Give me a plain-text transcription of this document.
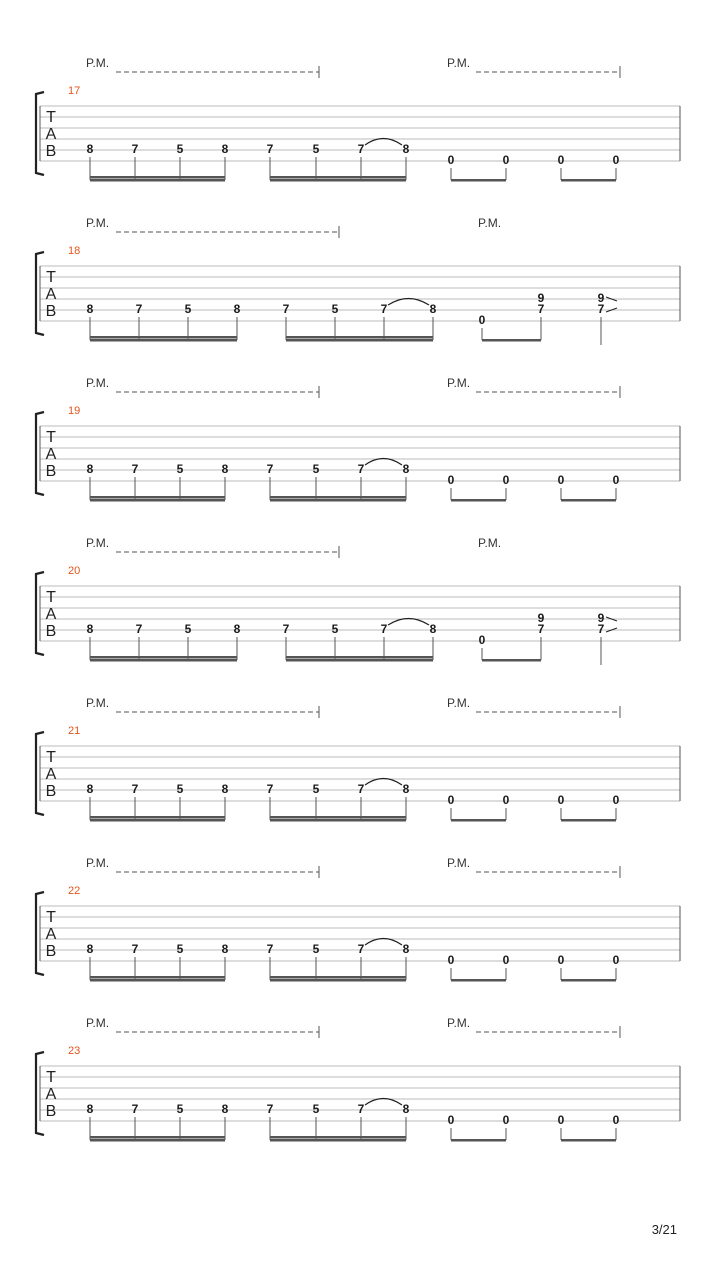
T
A
B
17
P.M.	P.M.
8	7	5	8	7	5	7	8
0	0	0	0
T
A
B
18
P.M.	P.M.
8	7	5	8	7	5	7	8
0
9
7
9
7
T
A
B
19
P.M.	P.M.
8	7	5	8	7	5	7	8
0	0	0	0
T
A
B
20
P.M.	P.M.
8	7	5	8	7	5	7	8
0
9
7
9
7
T
A
B
21
P.M.	P.M.
8	7	5	8	7	5	7	8
0	0	0	0
T
A
B
22
P.M.	P.M.
8	7	5	8	7	5	7	8
0	0	0	0
T
A
B
23
P.M.	P.M.
8	7	5	8	7	5	7	8
0	0	0	0
3/21
